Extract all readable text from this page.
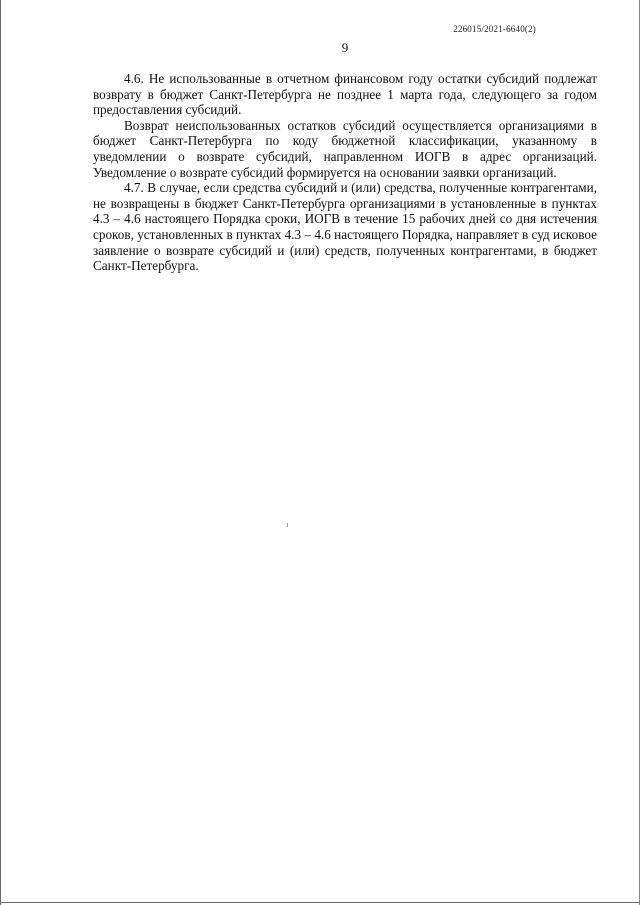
226015/2021-6640(2)
9

4.6. Не использованные в отчетном финансовом году остатки субсидий подлежат возврату в бюджет Санкт-Петербурга не позднее 1 марта года, следующего за годом предоставления субсидий.

Возврат неиспользованных остатков субсидий осуществляется организациями в бюджет Санкт-Петербурга по коду бюджетной классификации, указанному в уведомлении о возврате субсидий, направленном ИОГВ в адрес организаций. Уведомление о возврате субсидий формируется на основании заявки организаций.

4.7. В случае, если средства субсидий и (или) средства, полученные контрагентами, не возвращены в бюджет Санкт-Петербурга организациями в установленные в пунктах 4.3 – 4.6 настоящего Порядка сроки, ИОГВ в течение 15 рабочих дней со дня истечения сроков, установленных в пунктах 4.3 – 4.6 настоящего Порядка, направляет в суд исковое заявление о возврате субсидий и (или) средств, полученных контрагентами, в бюджет Санкт-Петербурга.
